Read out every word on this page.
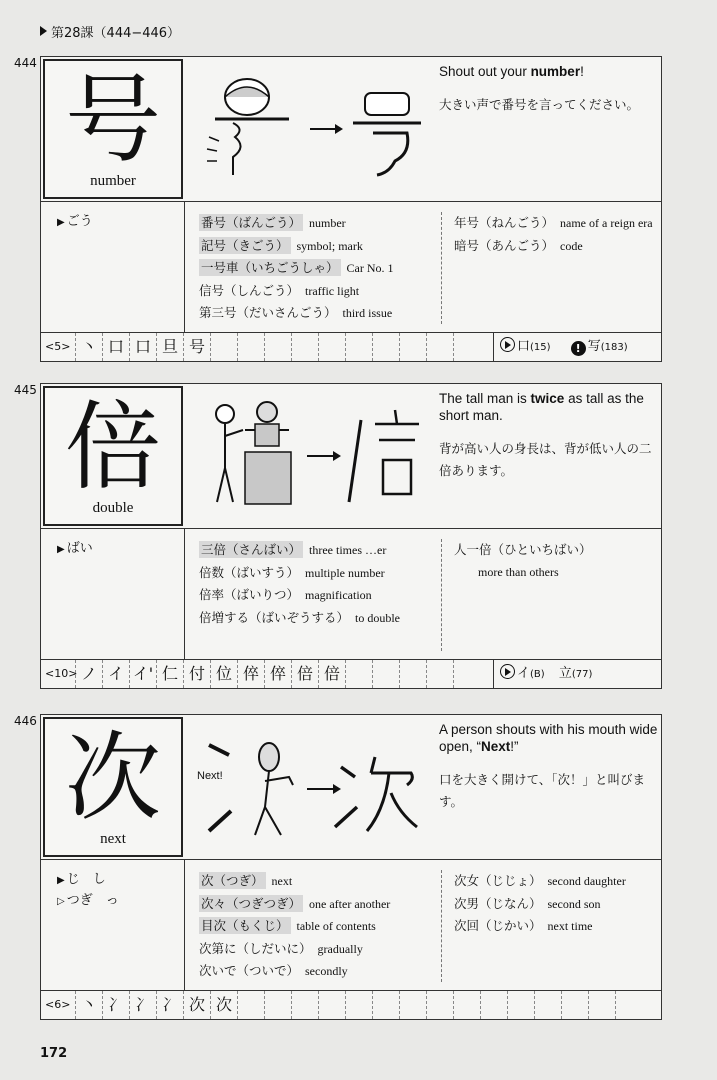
第28課（444−446）
444
号
number
Shout out your number!
大きい声で番号を言ってください。
▶ ごう	番号（ばんごう） number
記号（きごう） symbol; mark
一号車（いちごうしゃ） Car No. 1
信号（しんごう） traffic light
第三号（だいさんごう） third issue
年号（ねんごう） name of a reign era
暗号（あんごう） code
<5> 丶 口 口 旦 号	口(15) ! 写(183)
445
倍
double
The tall man is twice as tall as the short man.
背が高い人の身長は、背が低い人の二倍あります。
▶ ばい	三倍（さんばい） three times …er
倍数（ばいすう） multiple number
倍率（ばいりつ） magnification
倍増する（ばいぞうする） to double
人一倍（ひといちばい）
more than others
<10> ノ イ イ' 仁 付 位 倅 倅 倍 倍	イ(B) 立(77)
446
次
next
Next!
A person shouts with his mouth wide open, “Next!”
口を大きく開けて、「次！」と叫びます。
▶ じ　し
▷ つぎ　っ
次（つぎ） next
次々（つぎつぎ） one after another
目次（もくじ） table of contents
次第に（しだいに） gradually
次いで（ついで） secondly
次女（じじょ） second daughter
次男（じなん） second son
次回（じかい） next time
<6> 丶 冫 冫 冫 次 次
172
